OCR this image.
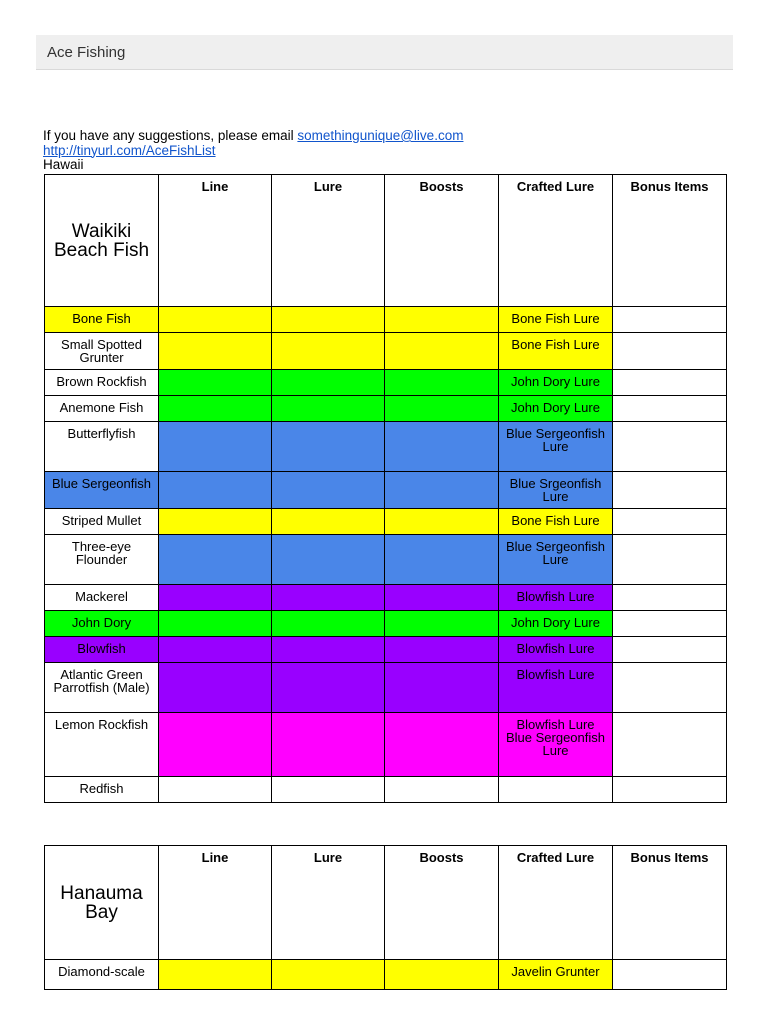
Ace Fishing
If you have any suggestions, please email somethingunique@live.com
http://tinyurl.com/AceFishList
Hawaii
Waikiki Beach Fish	Line	Lure	Boosts	Crafted Lure	Bonus Items
Bone Fish				Bone Fish Lure	
Small Spotted Grunter				Bone Fish Lure	
Brown Rockfish				John Dory Lure	
Anemone Fish				John Dory Lure	
Butterflyfish				Blue Sergeonfish Lure	
Blue Sergeonfish				Blue Srgeonfish Lure	
Striped Mullet				Bone Fish Lure	
Three-eye Flounder				Blue Sergeonfish Lure	
Mackerel				Blowfish Lure	
John Dory				John Dory Lure	
Blowfish				Blowfish Lure	
Atlantic Green Parrotfish (Male)				Blowfish Lure	
Lemon Rockfish				Blowfish Lure Blue Sergeonfish Lure	
Redfish					
Hanauma Bay	Line	Lure	Boosts	Crafted Lure	Bonus Items
Diamond-scale				Javelin Grunter	
